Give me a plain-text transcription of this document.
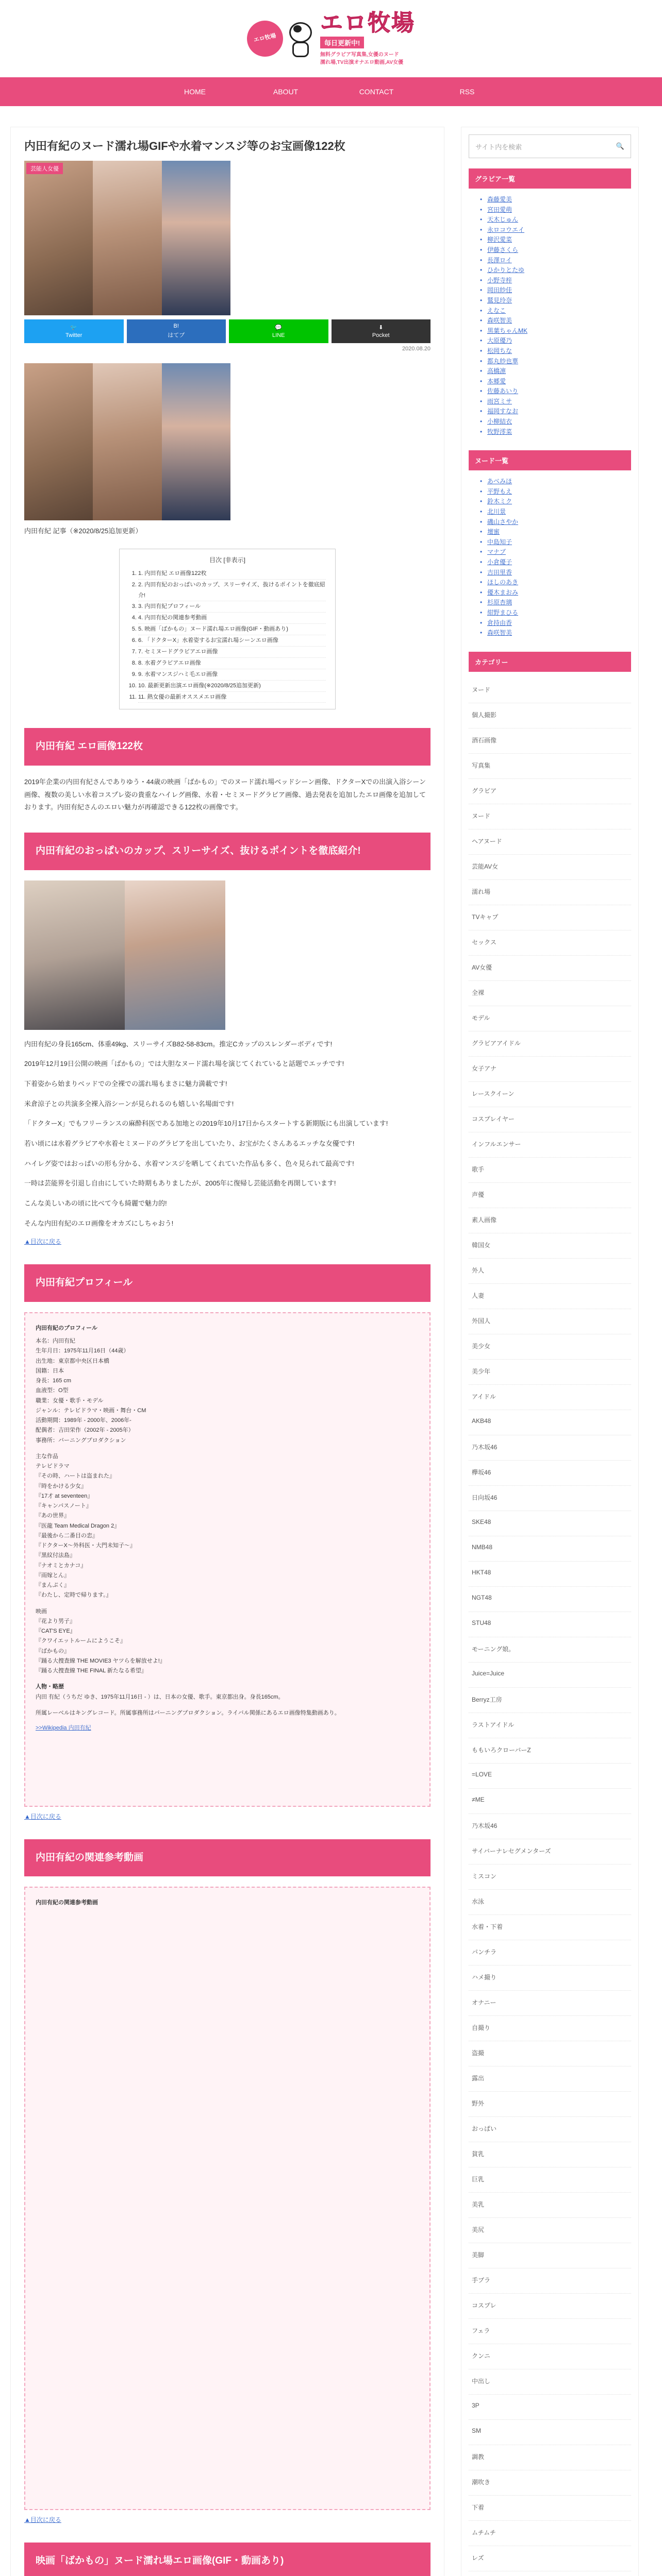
エロ牧場
エロ牧場
毎日更新中!
無料グラビア写真集,女優のヌード
濡れ場,TV出演オナエロ動画,AV女優
HOME	ABOUT	CONTACT	RSS
内田有紀のヌード濡れ場GIFや水着マンスジ等のお宝画像122枚
芸能人女優
🐦
Twitter
B!
はてブ
💬
LINE
⬇
Pocket
2020.08.20

内田有紀 記事（※2020/8/25追加更新）

目次 [非表示]
1. 1. 内田有紀 エロ画像122枚
2. 2. 内田有紀のおっぱいのカップ、スリーサイズ、抜けるポイントを徹底紹介!
3. 3. 内田有紀プロフィール
4. 4. 内田有紀の関連参考動画
5. 5. 映画「ばかもの」ヌード濡れ場エロ画像(GIF・動画あり)
6. 6. 「ドクターX」水着姿するお宝濡れ場シーンエロ画像
7. 7. セミヌードグラビアエロ画像
8. 8. 水着グラビアエロ画像
9. 9. 水着マンスジハミ毛エロ画像
10. 10. 最新更新出演エロ画像(※2020/8/25追加更新)
11. 11. 熱女優の最新オススメエロ画像
内田有紀 エロ画像122枚

2019年企業の内田有紀さんでありゆう・44歳の映画「ばかもの」でのヌード濡れ場ベッドシーン画像、ドクターXでの出演入浴シーン画像、複数の美しい水着コスプレ姿の貴重なハイレグ画像、水着・セミヌードグラビア画像、過去発表を追加したエロ画像を追加しております。内田有紀さんのエロい魅力が再確認できる122枚の画像です。

内田有紀のおっぱいのカップ、スリーサイズ、抜けるポイントを徹底紹介!

内田有紀の身長165cm、体重49kg、スリーサイズB82-58-83cm。推定Cカップのスレンダーボディです!

2019年12月19日公開の映画「ばかもの」では大胆なヌード濡れ場を演じてくれていると話題でエッチです!

下着姿から始まりベッドでの全裸での濡れ場もまさに魅力満載です!

米倉涼子との共演多全裸入浴シーンが見られるのも嬉しい名場面です!

「ドクターX」でもフリーランスの麻酔科医である加地との2019年10月17日からスタートする新期版にも出演しています!

若い頃には水着グラビアや水着セミヌードのグラビアを出していたり、お宝がたくさんあるエッチな女優です!

ハイレグ姿ではおっぱいの形も分かる、水着マンスジを晒してくれていた作品も多く、色々見られて最高です!

一時は芸能界を引退し自由にしていた時期もありましたが、2005年に復帰し芸能活動を再開しています!

こんな美しいあの頃に比べて今も綺麗で魅力的!

そんな内田有紀のエロ画像をオカズにしちゃおう!

▲目次に戻る
内田有紀プロフィール
内田有紀のプロフィール
本名：内田有紀
生年月日：1975年11月16日（44歳）
出生地：東京都中央区日本橋
国籍：日本
身長：165 cm
血液型：O型
職業：女優・歌手・モデル
ジャンル：テレビドラマ・映画・舞台・CM
活動期間：1989年 - 2000年、2006年-
配偶者：吉田栄作（2002年 - 2005年）
事務所：バーニングプロダクション
主な作品
テレビドラマ
『その時、ハートは盗まれた』
『時をかける少女』
『17才 at seventeen』
『キャンパスノート』
『あの世界』
『医龍 Team Medical Dragon 2』
『最後から二番目の恋』
『ドクターX〜外科医・大門未知子〜』
『黒紋付法島』
『ナオミとカナコ』
『雨嫁とん』
『まんぷく』
『わたし、定時で帰ります。』
映画
『花より男子』
『CAT'S EYE』
『クワイエットルームにようこそ』
『ばかもの』
『踊る大捜査線 THE MOVIE3 ヤツらを解放せよ!』
『踊る大捜査線 THE FINAL 新たなる希望』
人物・略歴
内田 有紀（うちだ ゆき、1975年11月16日 - ）は、日本の女優、歌手。東京都出身。身長165cm。
所属レーベルはキングレコード。所属事務所はバーニングプロダクション。ライバル関係にあるエロ画像特集動画あり。
>>Wikipedia 内田有紀
▲目次に戻る
内田有紀の関連参考動画
内田有紀の関連参考動画
▲目次に戻る
映画「ばかもの」ヌード濡れ場エロ画像(GIF・動画あり)

サイト内を検索	🔍
グラビア一覧
• 森藤愛美
• 宮田愛萌
• 天木じゅん
• 永ロコウエイ
• 柳沢愛菜
• 伊藤さくら
• 長澤ロイ
• ひかりとたゆ
• 小野寺梓
• 岡田紗佳
• 鷲見玲奈
• えなこ
• 森咲智美
• 黒葉ちゃんMK
• 大原優乃
• 松岡ちな
• 都丸紗也華
• 高橋凛
• 本郷愛
• 佐藤あいり
• 雨宮ミサ
• 福岡すなお
• 小柳結衣
• 牧野澪菜
ヌード一覧
• あべみほ
• 平野もえ
• 鈴木ミク
• 北川景
• 磯山さやか
• 壇蜜
• 中島知子
• マナブ
• 小倉優子
• 吉田里香
• ほしのあき
• 優木まおみ
• 杉原杏璃
• 紺野まひる
• 倉持由香
• 森咲智美
カテゴリー
ヌード
個人撮影
酒石画像
写真集
グラビア
ヌード
ヘアヌード
芸能AV女
濡れ場
TVキャプ
セックス
AV女優
全裸
モデル
グラビアアイドル
女子アナ
レースクイーン
コスプレイヤー
インフルエンサー
歌手
声優
素人画像
韓国女
外人
人妻
外国人
美少女
美少年
アイドル
AKB48
乃木坂46
欅坂46
日向坂46
SKE48
NMB48
HKT48
NGT48
STU48
モーニング娘。
Juice=Juice
Berryz工房
ラストアイドル
ももいろクローバーZ
=LOVE
≠ME
乃木坂46
サイバーナレセグメンターズ
ミスコン
水泳
水着・下着
パンチラ
ハメ撮り
オナニー
自撮り
盗撮
露出
野外
おっぱい
貧乳
巨乳
美乳
美尻
美脚
手ブラ
コスプレ
フェラ
クンニ
中出し
3P
SM
調教
潮吹き
下着
ムチムチ
レズ
